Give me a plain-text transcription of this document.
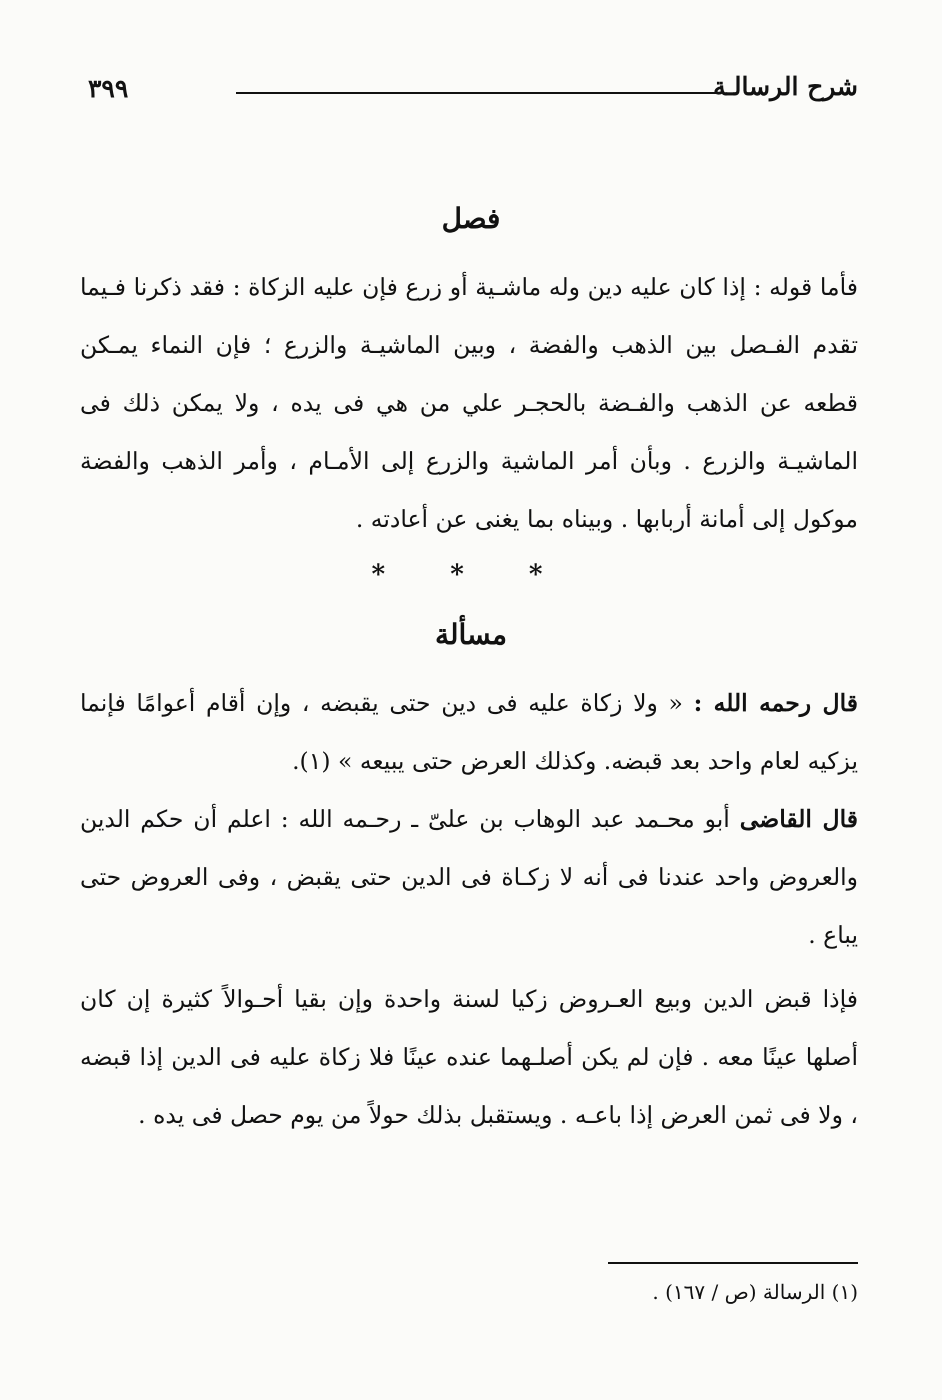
شرح الرسالـة
٣٩٩
فصل

فأما قوله : إذا كان عليه دين وله ماشـية أو زرع فإن عليه الزكاة : فقد ذكرنا فـيما تقدم الفـصل بين الذهب والفضة ، وبين الماشيـة والزرع ؛ فإن النماء يمـكن قطعه عن الذهب والفـضة بالحجـر علي من هي فى يده ، ولا يمكن ذلك فى الماشيـة والزرع . وبأن أمر الماشية والزرع إلى الأمـام ، وأمر الذهب والفضة موكول إلى أمانة أربابها . وبيناه بما يغنى عن أعادته .

* * *
مسألة

قال رحمه الله : « ولا زكاة عليه فى دين حتى يقبضه ، وإن أقام أعوامًا فإنما يزكيه لعام واحد بعد قبضه. وكذلك العرض حتى يبيعه » (١).

قال القاضى أبو محـمد عبد الوهاب بن علىّ ـ رحـمه الله : اعلم أن حكم الدين والعروض واحد عندنا فى أنه لا زكـاة فى الدين حتى يقبض ، وفى العروض حتى يباع .

فإذا قبض الدين وبيع العـروض زكيا لسنة واحدة وإن بقيا أحـوالاً كثيرة إن كان أصلها عينًا معه . فإن لم يكن أصلـهما عنده عينًا فلا زكاة عليه فى الدين إذا قبضه ، ولا فى ثمن العرض إذا باعـه . ويستقبل بذلك حولاً من يوم حصل فى يده .

(١) الرسالة (ص / ١٦٧) .
